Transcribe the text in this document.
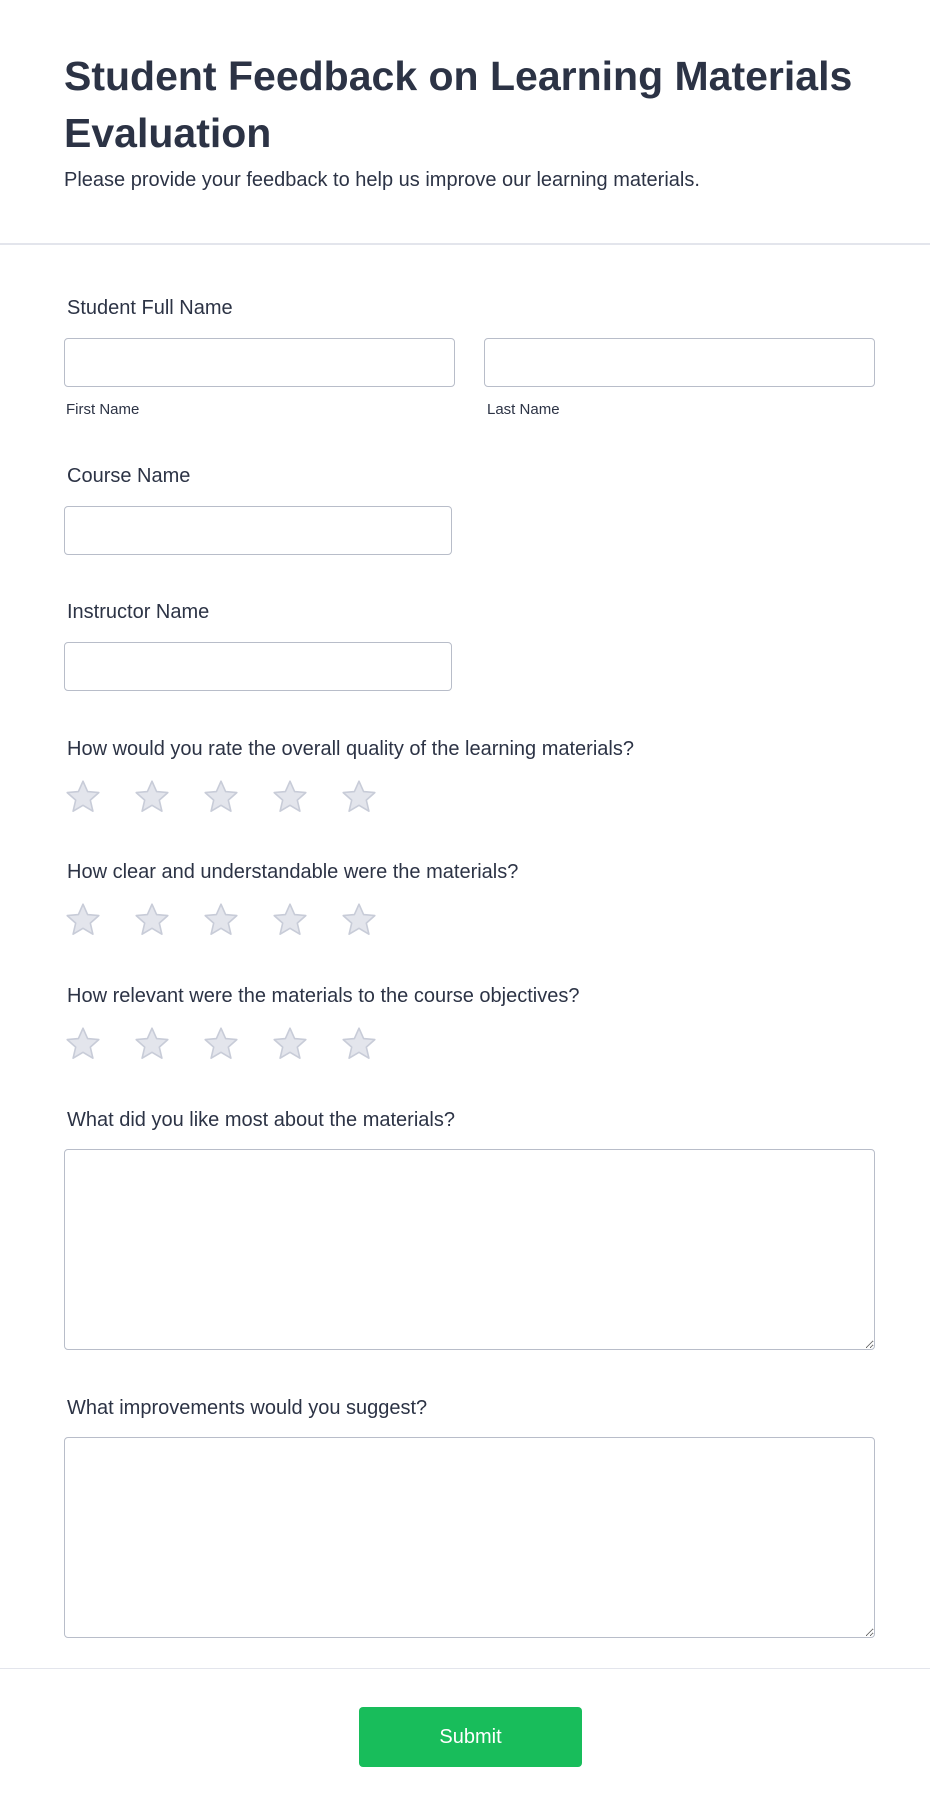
Student Feedback on Learning Materials Evaluation

Please provide your feedback to help us improve our learning materials.

Student Full Name
First Name	Last Name
Course Name
Instructor Name
How would you rate the overall quality of the learning materials?
How clear and understandable were the materials?
How relevant were the materials to the course objectives?
What did you like most about the materials?
What improvements would you suggest?
Submit
